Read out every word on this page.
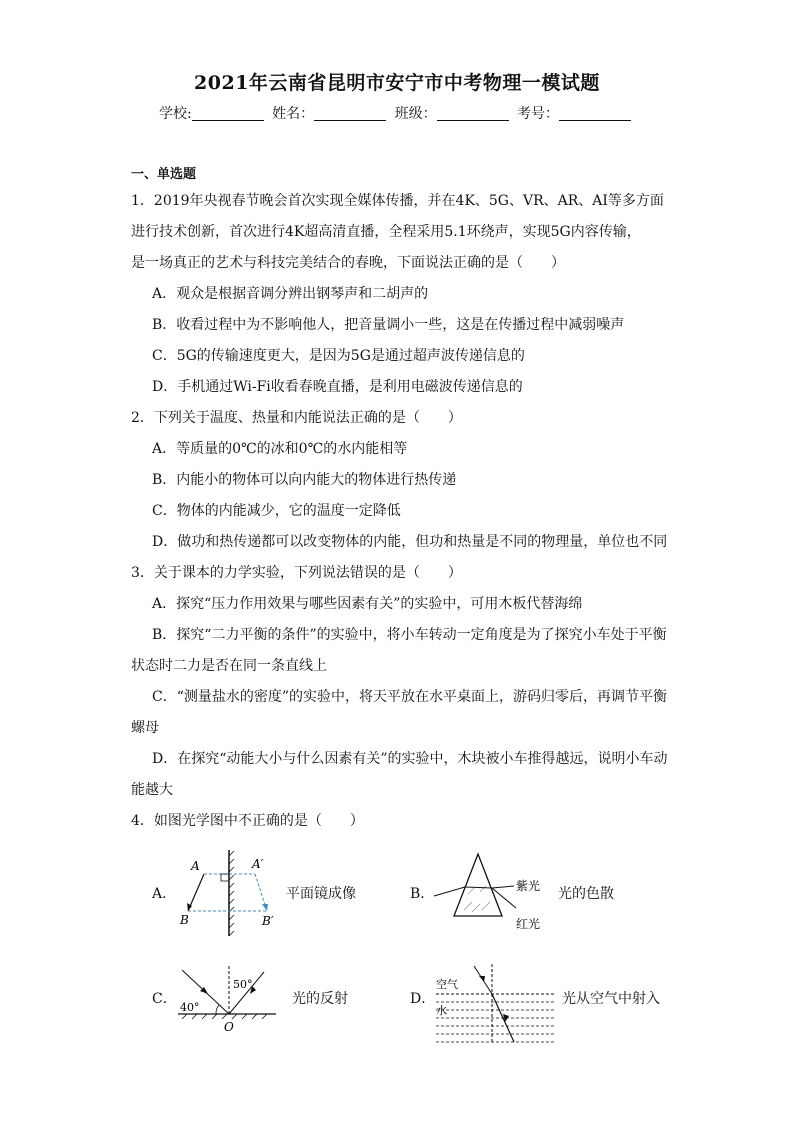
2021年云南省昆明市安宁市中考物理一模试题
学校:	姓名：	班级：	考号：
一、单选题
1．2019年央视春节晚会首次实现全媒体传播，并在4K、5G、VR、AR、AI等多方面
进行技术创新，首次进行4K超高清直播，全程采用5.1环绕声，实现5G内容传输，
是一场真正的艺术与科技完美结合的春晚，下面说法正确的是（　　）
A．观众是根据音调分辨出钢琴声和二胡声的
B．收看过程中为不影响他人，把音量调小一些，这是在传播过程中减弱噪声
C．5G的传输速度更大，是因为5G是通过超声波传递信息的
D．手机通过Wi-Fi收看春晚直播，是利用电磁波传递信息的
2．下列关于温度、热量和内能说法正确的是（　　）
A．等质量的0℃的冰和0℃的水内能相等
B．内能小的物体可以向内能大的物体进行热传递
C．物体的内能减少，它的温度一定降低
D．做功和热传递都可以改变物体的内能，但功和热量是不同的物理量，单位也不同
3．关于课本的力学实验，下列说法错误的是（　　）
A．探究“压力作用效果与哪些因素有关”的实验中，可用木板代替海绵
B．探究“二力平衡的条件”的实验中，将小车转动一定角度是为了探究小车处于平衡
状态时二力是否在同一条直线上
C．“测量盐水的密度”的实验中，将天平放在水平桌面上，游码归零后，再调节平衡
螺母
D．在探究“动能大小与什么因素有关”的实验中，木块被小车推得越远，说明小车动
能越大
4．如图光学图中不正确的是（　　）
A．
A	A′
B	B′
平面镜成像	B．	紫光
红光
光的色散
C．
50°
40°
O
光的反射	D．
空气
水
光从空气中射入
